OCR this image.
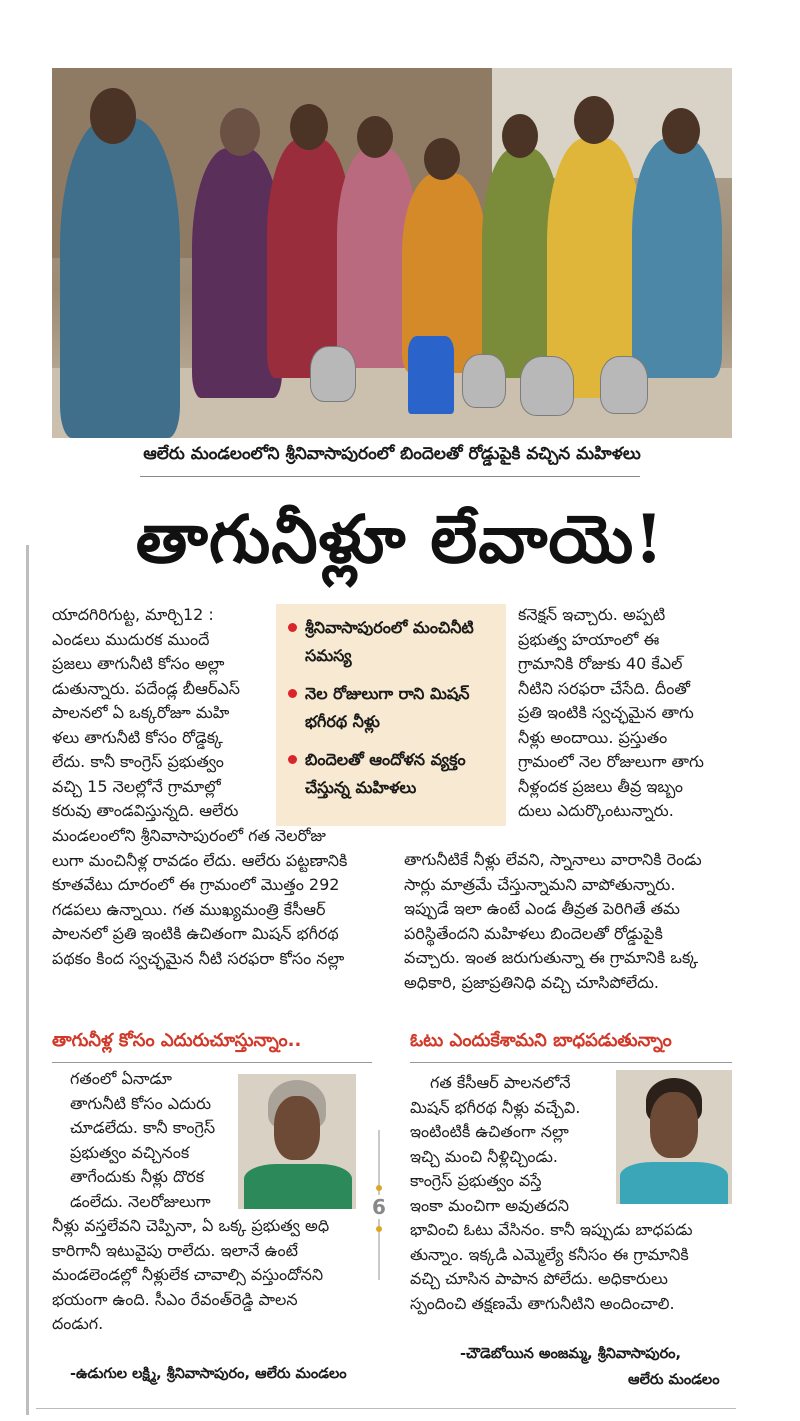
ఆలేరు మండలంలోని శ్రీనివాసాపురంలో బిందెలతో రోడ్డుపైకి వచ్చిన మహిళలు
తాగునీళ్లూ లేవాయె!

యాదగిరిగుట్ట, మార్చి12 :

ఎండలు ముదురక ముందే

ప్రజలు తాగునీటి కోసం అల్లా

డుతున్నారు. పదేండ్ల బీఆర్ఎస్

పాలనలో ఏ ఒక్కరోజూ మహి

ళలు తాగునీటి కోసం రోడ్డెక్క

లేదు. కానీ కాంగ్రెస్ ప్రభుత్వం

వచ్చి 15 నెలల్లోనే గ్రామాల్లో

కరువు తాండవిస్తున్నది. ఆలేరు

శ్రీనివాసాపురంలో మంచినీటి సమస్య
నెల రోజులుగా రాని మిషన్ భగీరథ నీళ్లు
బిందెలతో ఆందోళన వ్యక్తం చేస్తున్న మహిళలు

మండలంలోని శ్రీనివాసాపురంలో గత నెలరోజు

లుగా మంచినీళ్ల రావడం లేదు. ఆలేరు పట్టణానికి

కూతవేటు దూరంలో ఈ గ్రామంలో మొత్తం 292

గడపలు ఉన్నాయి. గత ముఖ్యమంత్రి కేసీఆర్

పాలనలో ప్రతి ఇంటికి ఉచితంగా మిషన్ భగీరథ

పథకం కింద స్వచ్ఛమైన నీటి సరఫరా కోసం నల్లా

కనెక్షన్ ఇచ్చారు. అప్పటి

ప్రభుత్వ హయాంలో ఈ

గ్రామానికి రోజుకు 40 కేఎల్

నీటిని సరఫరా చేసేది. దీంతో

ప్రతి ఇంటికి స్వచ్ఛమైన తాగు

నీళ్లు అందాయి. ప్రస్తుతం

గ్రామంలో నెల రోజులుగా తాగు

నీళ్లందక ప్రజలు తీవ్ర ఇబ్బం

దులు ఎదుర్కొంటున్నారు.

తాగునీటికే నీళ్లు లేవని, స్నానాలు వారానికి రెండు

సార్లు మాత్రమే చేస్తున్నామని వాపోతున్నారు.

ఇప్పుడే ఇలా ఉంటే ఎండ తీవ్రత పెరిగితే తమ

పరిస్థితేందని మహిళలు బిందెలతో రోడ్డుపైకి

వచ్చారు. ఇంత జరుగుతున్నా ఈ గ్రామానికి ఒక్క

అధికారి, ప్రజాప్రతినిధి వచ్చి చూసిపోలేదు.

తాగునీళ్ల కోసం ఎదురుచూస్తున్నాం..

గతంలో ఏనాడూ

తాగునీటి కోసం ఎదురు

చూడలేదు. కానీ కాంగ్రెస్

ప్రభుత్వం వచ్చినంక

తాగేందుకు నీళ్లు దొరక

డంలేదు. నెలరోజులుగా

నీళ్లు వస్తలేవని చెప్పినా, ఏ ఒక్క ప్రభుత్వ అధి

కారిగానీ ఇటువైపు రాలేదు. ఇలానే ఉంటే

మండలెండల్లో నీళ్లులేక చావాల్సి వస్తుందోనని

భయంగా ఉంది. సీఎం రేవంత్‌రెడ్డి పాలన

దండుగ.

-ఉడుగుల లక్ష్మి, శ్రీనివాసాపురం, ఆలేరు మండలం
6
ఓటు ఎందుకేశామని బాధపడుతున్నాం

గత కేసీఆర్ పాలనలోనే

మిషన్ భగీరథ నీళ్లు వచ్చేవి.

ఇంటింటికీ ఉచితంగా నల్లా

ఇచ్చి మంచి నీళ్లిచ్చిండు.

కాంగ్రెస్ ప్రభుత్వం వస్తే

ఇంకా మంచిగా అవుతదని

భావించి ఓటు వేసినం. కానీ ఇప్పుడు బాధపడు

తున్నాం. ఇక్కడి ఎమ్మెల్యే కనీసం ఈ గ్రామానికి

వచ్చి చూసిన పాపాన పోలేదు. అధికారులు

స్పందించి తక్షణమే తాగునీటిని అందించాలి.

-చౌడెబోయిన అంజమ్మ, శ్రీనివాసాపురం,
ఆలేరు మండలం
